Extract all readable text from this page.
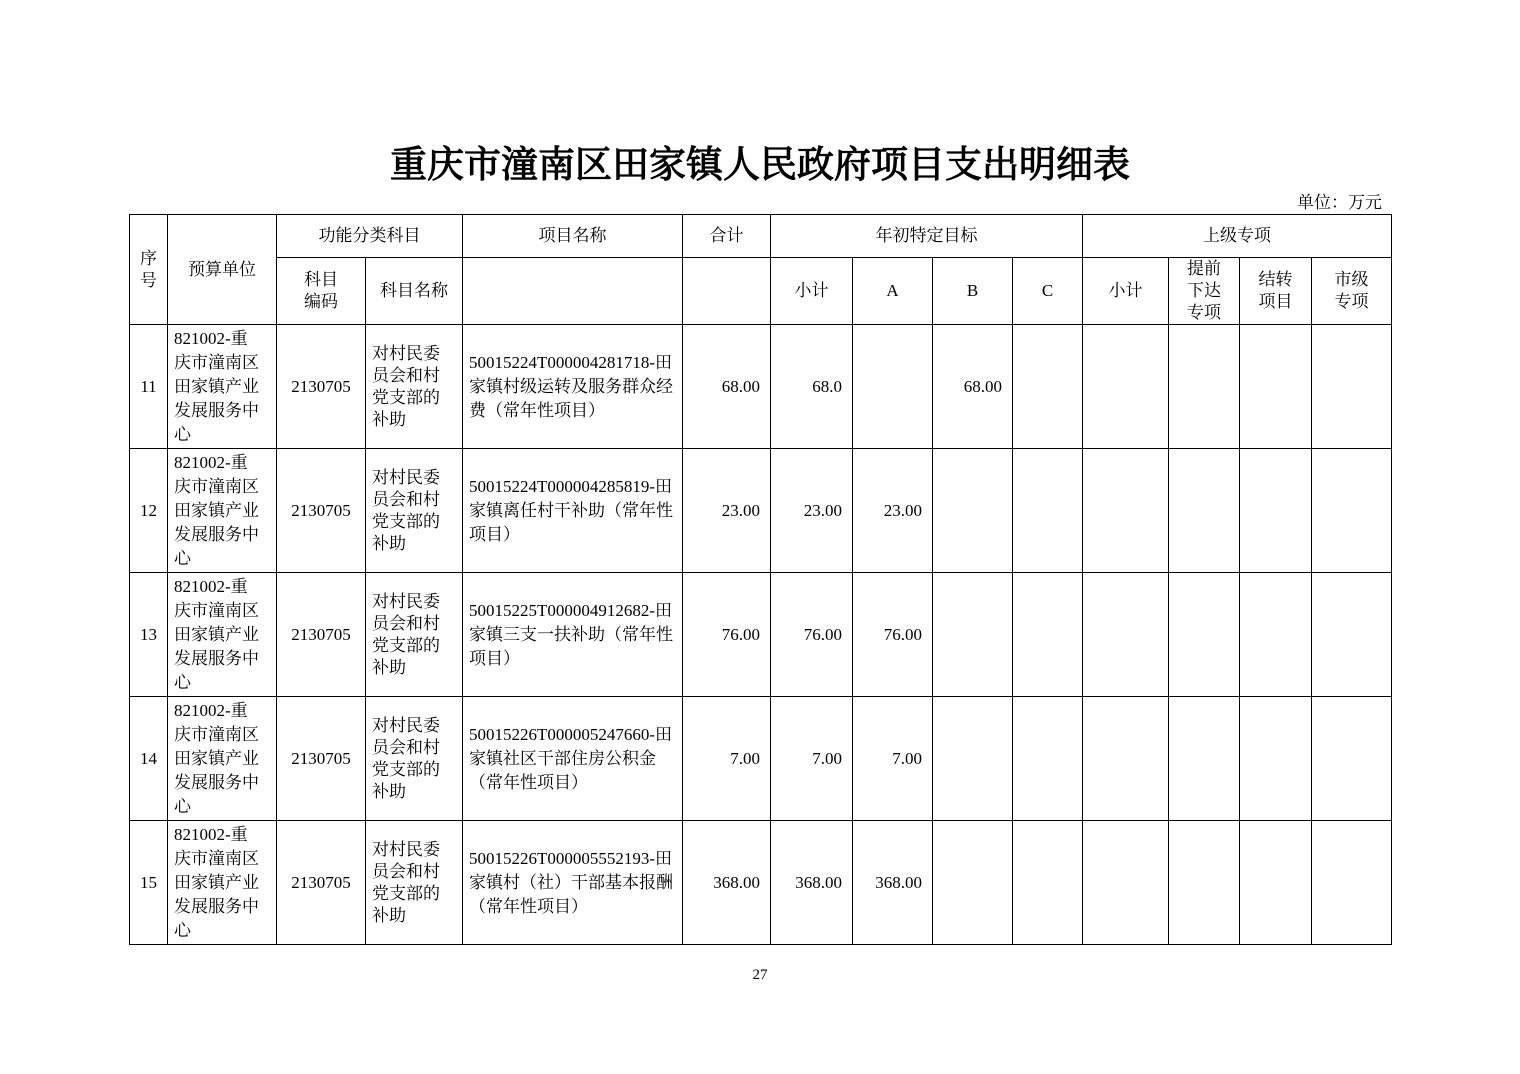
重庆市潼南区田家镇人民政府项目支出明细表
单位：万元
序号	预算单位	功能分类科目		项目名称	合计	年初特定目标				上级专项			

		科目编码	科目名称			小计	A	B	C	小计	提前下达专项	结转项目	市级专项

11	821002-重庆市潼南区田家镇产业发展服务中心	2130705	对村民委员会和村党支部的补助	50015224T000004281718-田家镇村级运转及服务群众经费（常年性项目）	68.00	68.0		68.00					
12	821002-重庆市潼南区田家镇产业发展服务中心	2130705	对村民委员会和村党支部的补助	50015224T000004285819-田家镇离任村干补助（常年性项目）	23.00	23.00	23.00						
13	821002-重庆市潼南区田家镇产业发展服务中心	2130705	对村民委员会和村党支部的补助	50015225T000004912682-田家镇三支一扶补助（常年性项目）	76.00	76.00	76.00						
14	821002-重庆市潼南区田家镇产业发展服务中心	2130705	对村民委员会和村党支部的补助	50015226T000005247660-田家镇社区干部住房公积金（常年性项目）	7.00	7.00	7.00						
15	821002-重庆市潼南区田家镇产业发展服务中心	2130705	对村民委员会和村党支部的补助	50015226T000005552193-田家镇村（社）干部基本报酬（常年性项目）	368.00	368.00	368.00						
27
